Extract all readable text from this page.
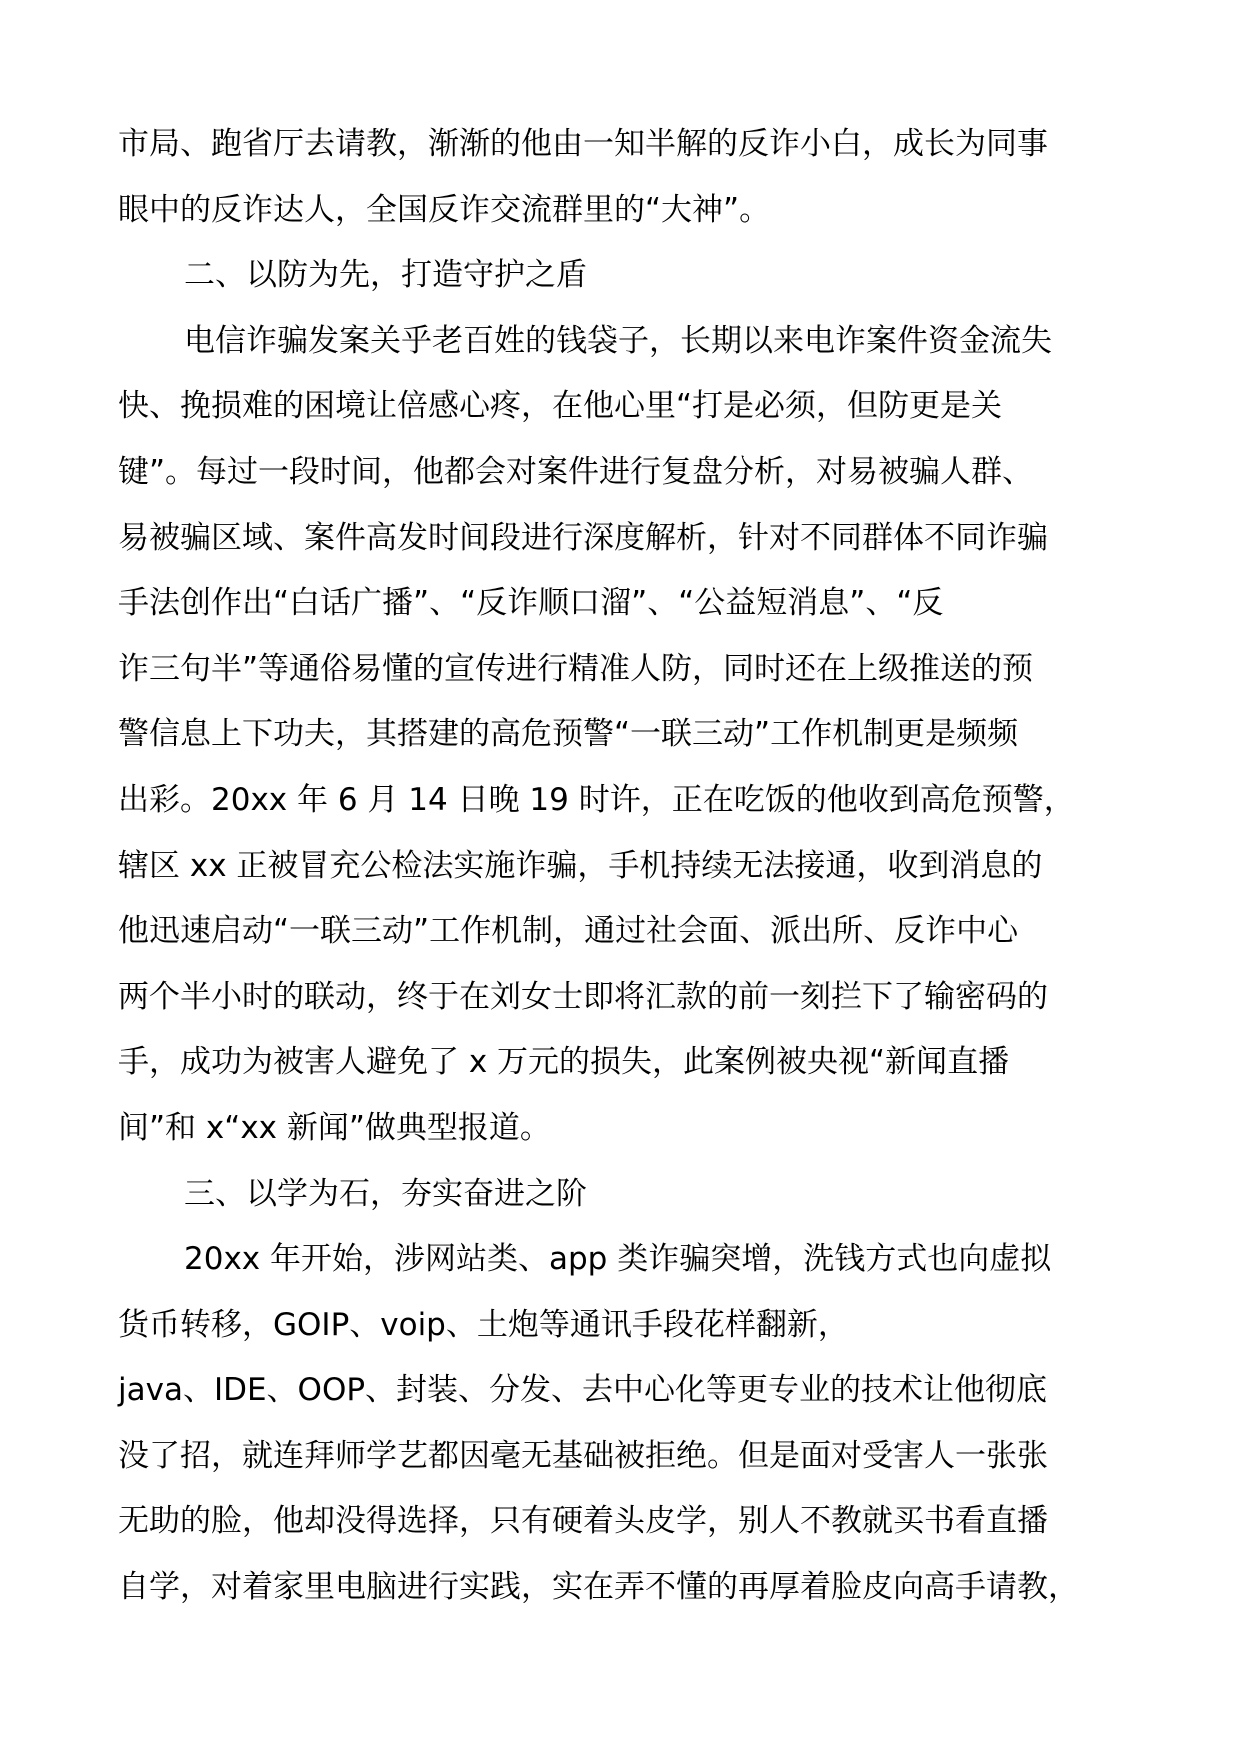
市局、跑省厅去请教，渐渐的他由一知半解的反诈小白，成长为同事

眼中的反诈达人，全国反诈交流群里的“大神”。

二、以防为先，打造守护之盾

电信诈骗发案关乎老百姓的钱袋子，长期以来电诈案件资金流失

快、挽损难的困境让倍感心疼，在他心里“打是必须，但防更是关

键”。每过一段时间，他都会对案件进行复盘分析，对易被骗人群、

易被骗区域、案件高发时间段进行深度解析，针对不同群体不同诈骗

手法创作出“白话广播”、“反诈顺口溜”、“公益短消息”、“反

诈三句半”等通俗易懂的宣传进行精准人防，同时还在上级推送的预

警信息上下功夫，其搭建的高危预警“一联三动”工作机制更是频频

出彩。20xx 年 6 月 14 日晚 19 时许，正在吃饭的他收到高危预警，

辖区 xx 正被冒充公检法实施诈骗，手机持续无法接通，收到消息的

他迅速启动“一联三动”工作机制，通过社会面、派出所、反诈中心

两个半小时的联动，终于在刘女士即将汇款的前一刻拦下了输密码的

手，成功为被害人避免了 x 万元的损失，此案例被央视“新闻直播

间”和 x“xx 新闻”做典型报道。

三、以学为石，夯实奋进之阶

20xx 年开始，涉网站类、app 类诈骗突增，洗钱方式也向虚拟

货币转移，GOIP、voip、土炮等通讯手段花样翻新，

java、IDE、OOP、封装、分发、去中心化等更专业的技术让他彻底

没了招，就连拜师学艺都因毫无基础被拒绝。但是面对受害人一张张

无助的脸，他却没得选择，只有硬着头皮学，别人不教就买书看直播

自学，对着家里电脑进行实践，实在弄不懂的再厚着脸皮向高手请教，
